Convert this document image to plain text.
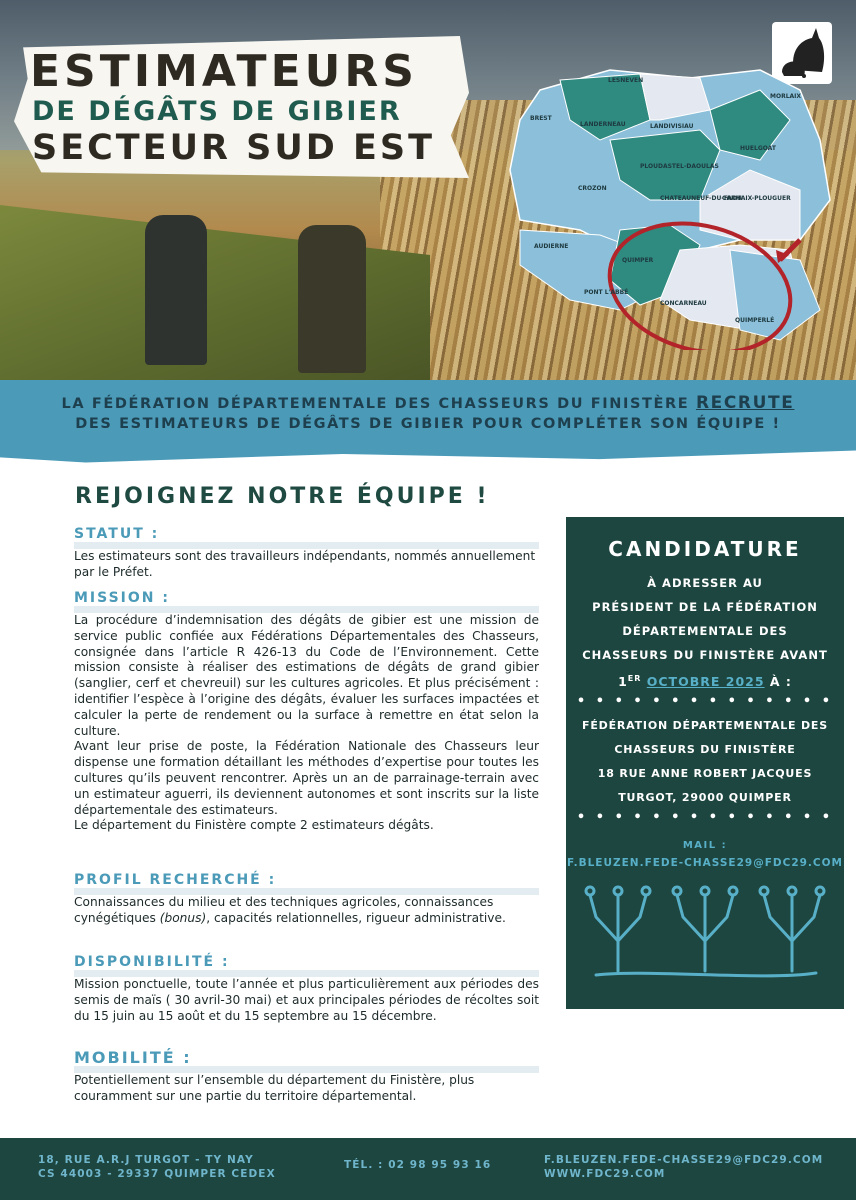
ESTIMATEURS
DE DÉGÂTS DE GIBIER
SECTEUR SUD EST
LESNEVEN
MORLAIX
BREST
LANDERNEAU	LANDIVISIAU
HUELGOAT
PLOUDASTEL-DAOULAS
CROZON
CHATEAUNEUF-DU-FAOU
CARHAIX-PLOUGUER
AUDIERNE
QUIMPER
PONT L'ABBÉ
CONCARNEAU
QUIMPERLÉ
LA FÉDÉRATION DÉPARTEMENTALE DES CHASSEURS DU FINISTÈRE RECRUTE
DES ESTIMATEURS DE DÉGÂTS DE GIBIER POUR COMPLÉTER SON ÉQUIPE !
REJOIGNEZ NOTRE ÉQUIPE !
STATUT :

Les estimateurs sont des travailleurs indépendants, nommés annuellement par le Préfet.

MISSION :

La procédure d’indemnisation des dégâts de gibier est une mission de service public confiée aux Fédérations Départementales des Chasseurs, consignée dans l’article R 426-13 du Code de l’Environnement. Cette mission consiste à réaliser des estimations de dégâts de grand gibier (sanglier, cerf et chevreuil) sur les cultures agricoles. Et plus précisément : identifier l’espèce à l’origine des dégâts, évaluer les surfaces impactées et calculer la perte de rendement ou la surface à remettre en état selon la culture.

Avant leur prise de poste, la Fédération Nationale des Chasseurs leur dispense une formation détaillant les méthodes d’expertise pour toutes les cultures qu’ils peuvent rencontrer. Après un an de parrainage-terrain avec un estimateur aguerri, ils deviennent autonomes et sont inscrits sur la liste départementale des estimateurs.

Le département du Finistère compte 2 estimateurs dégâts.

PROFIL RECHERCHÉ :

Connaissances du milieu et des techniques agricoles, connaissances cynégétiques (bonus), capacités relationnelles, rigueur administrative.

DISPONIBILITÉ :

Mission ponctuelle, toute l’année et plus particulièrement aux périodes des semis de maïs ( 30 avril-30 mai) et aux principales périodes de récoltes soit du 15 juin au 15 août et du 15 septembre au 15 décembre.

MOBILITÉ :

Potentiellement sur l’ensemble du département du Finistère, plus couramment sur une partie du territoire départemental.

CANDIDATURE
À ADRESSER AU
PRÉSIDENT DE LA FÉDÉRATION
DÉPARTEMENTALE DES
CHASSEURS DU FINISTÈRE AVANT
1ER OCTOBRE 2025 À :
• • • • • • • • • • • • • •
FÉDÉRATION DÉPARTEMENTALE DES
CHASSEURS DU FINISTÈRE
18 RUE ANNE ROBERT JACQUES
TURGOT, 29000 QUIMPER
• • • • • • • • • • • • • •
MAIL :
F.BLEUZEN.FEDE-CHASSE29@FDC29.COM
18, RUE A.R.J TURGOT - TY NAY
CS 44003 - 29337 QUIMPER CEDEX
TÉL. : 02 98 95 93 16	F.BLEUZEN.FEDE-CHASSE29@FDC29.COM
WWW.FDC29.COM
